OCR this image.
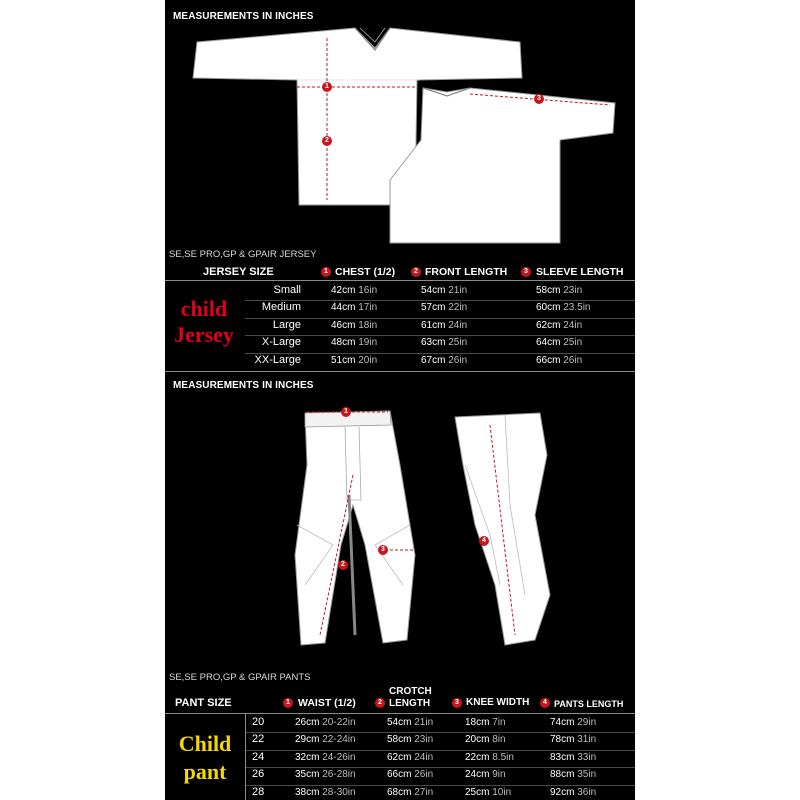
MEASUREMENTS IN INCHES
CHEST(1" BELOW ARMHOLE)
1
FRONT LENGTH
(from high point shoulder)
2
3
SLEEVE LENGTH
SE,SE PRO,GP & GPAIR JERSEY
JERSEY SIZE	1 CHEST (1/2)	2 FRONT LENGTH	3 SLEEVE LENGTH
child
Jersey
Small	42cm 16in	54cm 21in	58cm 23in
Medium	44cm 17in	57cm 22in	60cm 23.5in
Large	46cm 18in	61cm 24in	62cm 24in
X-Large	48cm 19in	63cm 25in	64cm 25in
XX-Large	51cm 20in	67cm 26in	66cm 26in
MEASUREMENTS IN INCHES
1
2
3
4
SE,SE PRO,GP & GPAIR PANTS
PANT SIZE	1 WAIST (1/2)	2
CROTCH
LENGTH	3 KNEE WIDTH	4 PANTS LENGTH
Child
pant
20	26cm 20-22in	54cm 21in	18cm 7in	74cm 29in
22	29cm 22-24in	58cm 23in	20cm 8in	78cm 31in
24	32cm 24-26in	62cm 24in	22cm 8.5in	83cm 33in
26	35cm 26-28in	66cm 26in	24cm 9in	88cm 35in
28	38cm 28-30in	68cm 27in	25cm 10in	92cm 36in
